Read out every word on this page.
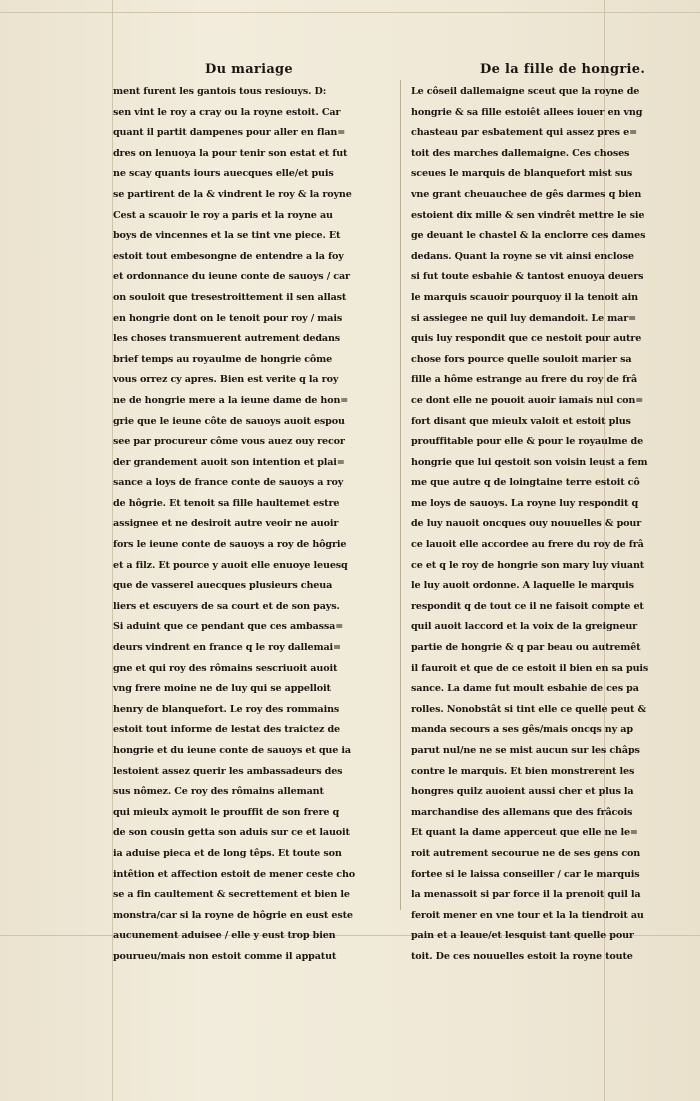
Du mariage	De la fille de hongrie.
ment furent les gantois tous resiouys. D:
sen vint le roy a cray ou la royne estoit. Car
quant il partit dampenes pour aller en flan=
dres on lenuoya la pour tenir son estat et fut
ne scay quants iours auecques elle/et puis
se partirent de la & vindrent le roy & la royne
Cest a scauoir le roy a paris et la royne au
boys de vincennes et la se tint vne piece. Et
estoit tout embesongne de entendre a la foy
et ordonnance du ieune conte de sauoys / car
on souloit que tresestroittement il sen allast
en hongrie dont on le tenoit pour roy / mais
les choses transmuerent autrement dedans
brief temps au royaulme de hongrie côme
vous orrez cy apres. Bien est verite q la roy
ne de hongrie mere a la ieune dame de hon=
grie que le ieune côte de sauoys auoit espou
see par procureur côme vous auez ouy recor
der grandement auoit son intention et plai=
sance a loys de france conte de sauoys a roy
de hôgrie. Et tenoit sa fille haultemet estre
assignee et ne desiroit autre veoir ne auoir
fors le ieune conte de sauoys a roy de hôgrie
et a filz. Et pource y auoit elle enuoye leuesq
que de vasserel auecques plusieurs cheua
liers et escuyers de sa court et de son pays.
Si aduint que ce pendant que ces ambassa=
deurs vindrent en france q le roy dallemai=
gne et qui roy des rômains sescriuoit auoit
vng frere moine ne de luy qui se appelloit
henry de blanquefort. Le roy des rommains
estoit tout informe de lestat des traictez de
hongrie et du ieune conte de sauoys et que ia
lestoient assez querir les ambassadeurs des
sus nômez. Ce roy des rômains allemant
qui mieulx aymoit le prouffit de son frere q
de son cousin getta son aduis sur ce et lauoit
ia aduise pieca et de long têps. Et toute son
intêtion et affection estoit de mener ceste cho
se a fin caultement & secrettement et bien le
monstra/car si la royne de hôgrie en eust este
aucunement aduisee / elle y eust trop bien
pourueu/mais non estoit comme il appatut
Le côseil dallemaigne sceut que la royne de
hongrie & sa fille estoiêt allees iouer en vng
chasteau par esbatement qui assez pres e=
toit des marches dallemaigne. Ces choses
sceues le marquis de blanquefort mist sus
vne grant cheuauchee de gês darmes q bien
estoient dix mille & sen vindrêt mettre le sie
ge deuant le chastel & la enclorre ces dames
dedans. Quant la royne se vit ainsi enclose
si fut toute esbahie & tantost enuoya deuers
le marquis scauoir pourquoy il la tenoit ain
si assiegee ne quil luy demandoit. Le mar=
quis luy respondit que ce nestoit pour autre
chose fors pource quelle souloit marier sa
fille a hôme estrange au frere du roy de frâ
ce dont elle ne pouoit auoir iamais nul con=
fort disant que mieulx valoit et estoit plus
prouffitable pour elle & pour le royaulme de
hongrie que lui qestoit son voisin leust a fem
me que autre q de loingtaine terre estoit cô
me loys de sauoys. La royne luy respondit q
de luy nauoit oncques ouy nouuelles & pour
ce lauoit elle accordee au frere du roy de frâ
ce et q le roy de hongrie son mary luy viuant
le luy auoit ordonne. A laquelle le marquis
respondit q de tout ce il ne faisoit compte et
quil auoit laccord et la voix de la greigneur
partie de hongrie & q par beau ou autremêt
il fauroit et que de ce estoit il bien en sa puis
sance. La dame fut moult esbahie de ces pa
rolles. Nonobstât si tint elle ce quelle peut &
manda secours a ses gês/mais oncqs ny ap
parut nul/ne ne se mist aucun sur les châps
contre le marquis. Et bien monstrerent les
hongres quilz auoient aussi cher et plus la
marchandise des allemans que des frâcois
Et quant la dame apperceut que elle ne le=
roit autrement secourue ne de ses gens con
fortee si le laissa conseiller / car le marquis
la menassoit si par force il la prenoit quil la
feroit mener en vne tour et la la tiendroit au
pain et a leaue/et lesquist tant quelle pour
toit. De ces nouuelles estoit la royne toute
